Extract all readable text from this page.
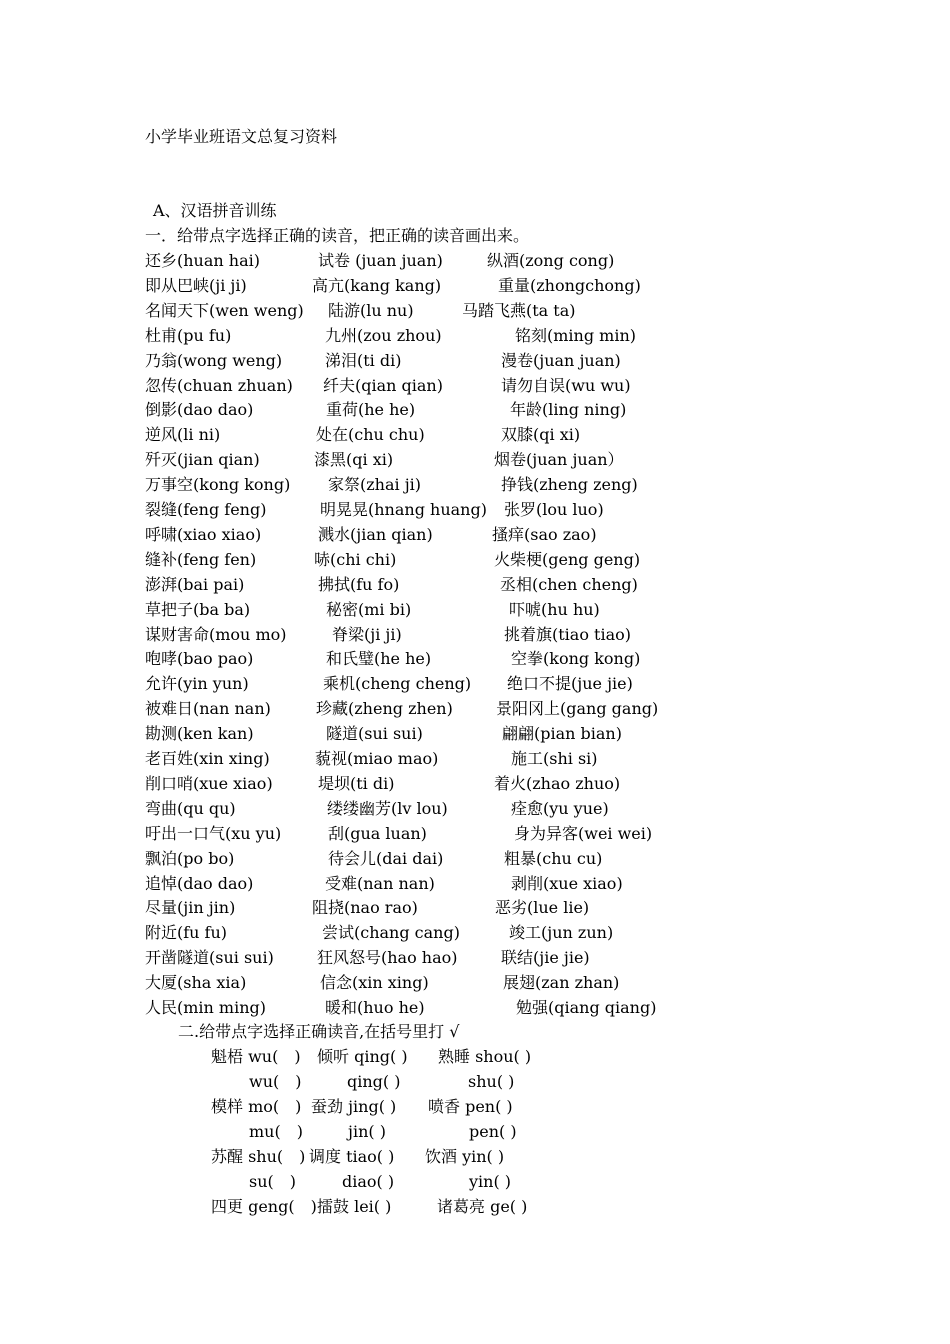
小学毕业班语文总复习资料
A、汉语拼音训练
一．给带点字选择正确的读音，把正确的读音画出来。
还乡(huan hai)	试卷 (juan juan)	纵酒(zong cong)
即从巴峡(ji ji)	高亢(kang kang)	重量(zhongchong)
名闻天下(wen weng) 陆游(lu nu)	马踏飞燕(ta ta)
杜甫(pu fu)	九州(zou zhou)	铭刻(ming min)
乃翁(wong weng)	涕泪(ti di)	漫卷(juan juan)
忽传(chuan zhuan) 纤夫(qian qian)	请勿自误(wu wu)
倒影(dao dao)	重荷(he he)	年龄(ling ning)
逆风(li ni)	处在(chu chu)	双膝(qi xi)
歼灭(jian qian)	漆黑(qi xi)	烟卷(juan juan）
万事空(kong kong) 家祭(zhai ji)	挣钱(zheng zeng)
裂缝(feng feng)	明晃晃(hnang huang) 张罗(lou luo)
呼啸(xiao xiao)	溅水(jian qian)	搔痒(sao zao)
缝补(feng fen)	哧(chi chi)	火柴梗(geng geng)
澎湃(bai pai)	拂拭(fu fo)	丞相(chen cheng)
草把子(ba ba)	秘密(mi bi)	吓唬(hu hu)
谋财害命(mou mo)	脊梁(ji ji)	挑着旗(tiao tiao)
咆哮(bao pao)	和氏璧(he he)	空拳(kong kong)
允许(yin yun)	乘机(cheng cheng) 绝口不提(jue jie)
被难日(nan nan)	珍藏(zheng zhen)	景阳冈上(gang gang)
勘测(ken kan)	隧道(sui sui)	翩翩(pian bian)
老百姓(xin xing)	藐视(miao mao)	施工(shi si)
削口哨(xue xiao)	堤坝(ti di)	着火(zhao zhuo)
弯曲(qu qu)	缕缕幽芳(lv lou)	痊愈(yu yue)
吁出一口气(xu yu)	刮(gua luan)	身为异客(wei wei)
飘泊(po bo)	待会儿(dai dai)	粗暴(chu cu)
追悼(dao dao)	受难(nan nan)	剥削(xue xiao)
尽量(jin jin)	阻挠(nao rao)	恶劣(lue lie)
附近(fu fu)	尝试(chang cang)	竣工(jun zun)
开凿隧道(sui sui)	狂风怒号(hao hao)	联结(jie jie)
大厦(sha xia)	信念(xin xing)	展翅(zan zhan)
人民(min ming)	暖和(huo he)	勉强(qiang qiang)
二.给带点字选择正确读音,在括号里打 √
魁梧 wu(　) 倾听 qing( ) 熟睡 shou( )
wu(　)	qing( )	shu( )
模样 mo(　) 蚕劲 jing( ) 喷香 pen( )
mu(　)	jin( )	pen( )
苏醒 shu(　) 调度 tiao( ) 饮酒 yin( )
su(　)	diao( )	yin( )
四更 geng(　) 擂鼓 lei( )	诸葛亮 ge( )
